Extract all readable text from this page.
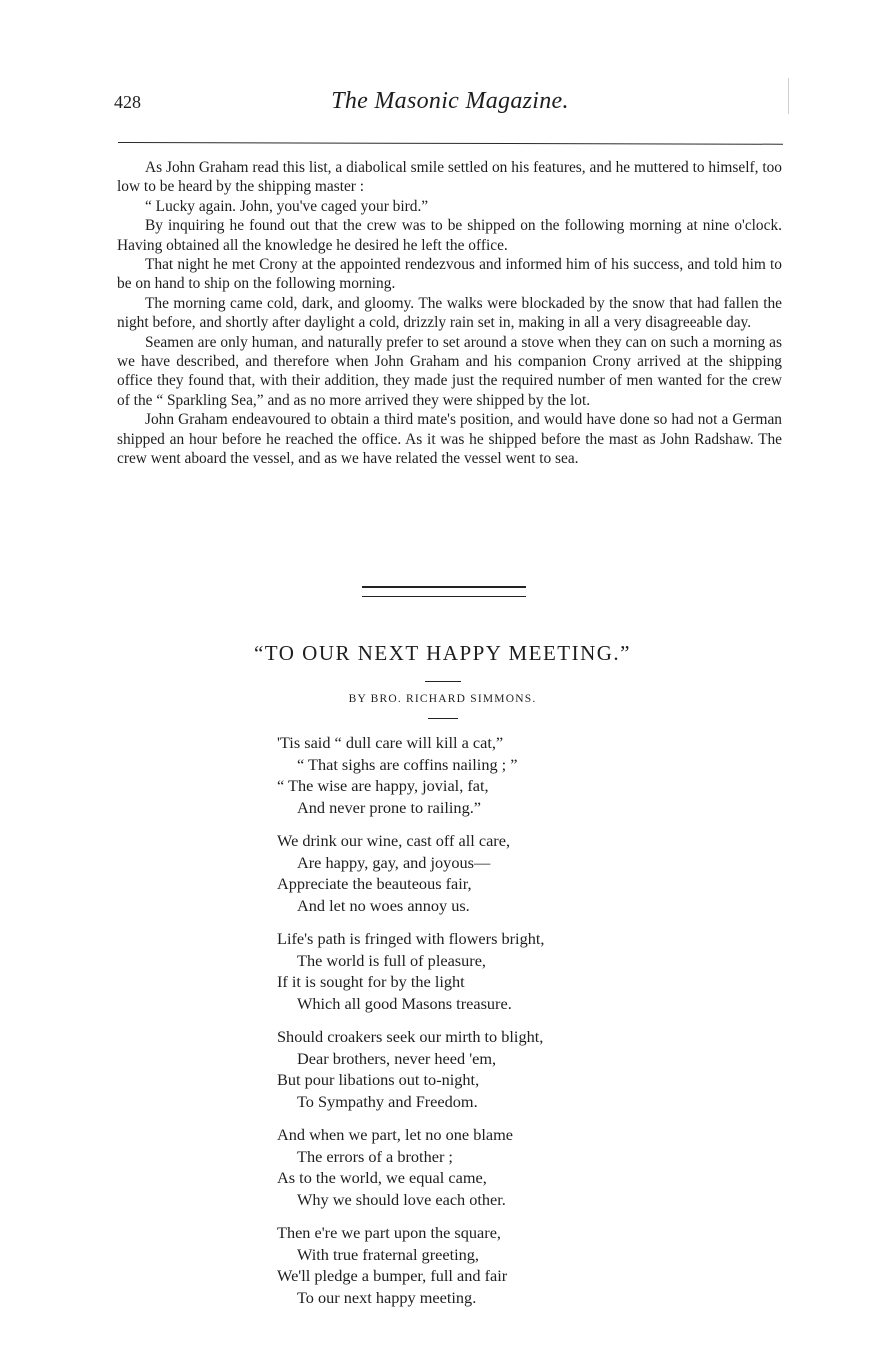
428	The Masonic Magazine.

As John Graham read this list, a diabolical smile settled on his features, and he muttered to himself, too low to be heard by the shipping master :

“ Lucky again. John, you've caged your bird.”

By inquiring he found out that the crew was to be shipped on the following morning at nine o'clock. Having obtained all the knowledge he desired he left the office.

That night he met Crony at the appointed rendezvous and informed him of his success, and told him to be on hand to ship on the following morning.

The morning came cold, dark, and gloomy. The walks were blockaded by the snow that had fallen the night before, and shortly after daylight a cold, drizzly rain set in, making in all a very disagreeable day.

Seamen are only human, and naturally prefer to set around a stove when they can on such a morning as we have described, and therefore when John Graham and his companion Crony arrived at the shipping office they found that, with their addition, they made just the required number of men wanted for the crew of the “ Sparkling Sea,” and as no more arrived they were shipped by the lot.

John Graham endeavoured to obtain a third mate's position, and would have done so had not a German shipped an hour before he reached the office. As it was he shipped before the mast as John Radshaw. The crew went aboard the vessel, and as we have related the vessel went to sea.

“TO OUR NEXT HAPPY MEETING.”
BY BRO. RICHARD SIMMONS.
'Tis said “ dull care will kill a cat,”
“ That sighs are coffins nailing ; ”
“ The wise are happy, jovial, fat,
And never prone to railing.”
We drink our wine, cast off all care,
Are happy, gay, and joyous—
Appreciate the beauteous fair,
And let no woes annoy us.
Life's path is fringed with flowers bright,
The world is full of pleasure,
If it is sought for by the light
Which all good Masons treasure.
Should croakers seek our mirth to blight,
Dear brothers, never heed 'em,
But pour libations out to-night,
To Sympathy and Freedom.
And when we part, let no one blame
The errors of a brother ;
As to the world, we equal came,
Why we should love each other.
Then e're we part upon the square,
With true fraternal greeting,
We'll pledge a bumper, full and fair
To our next happy meeting.
